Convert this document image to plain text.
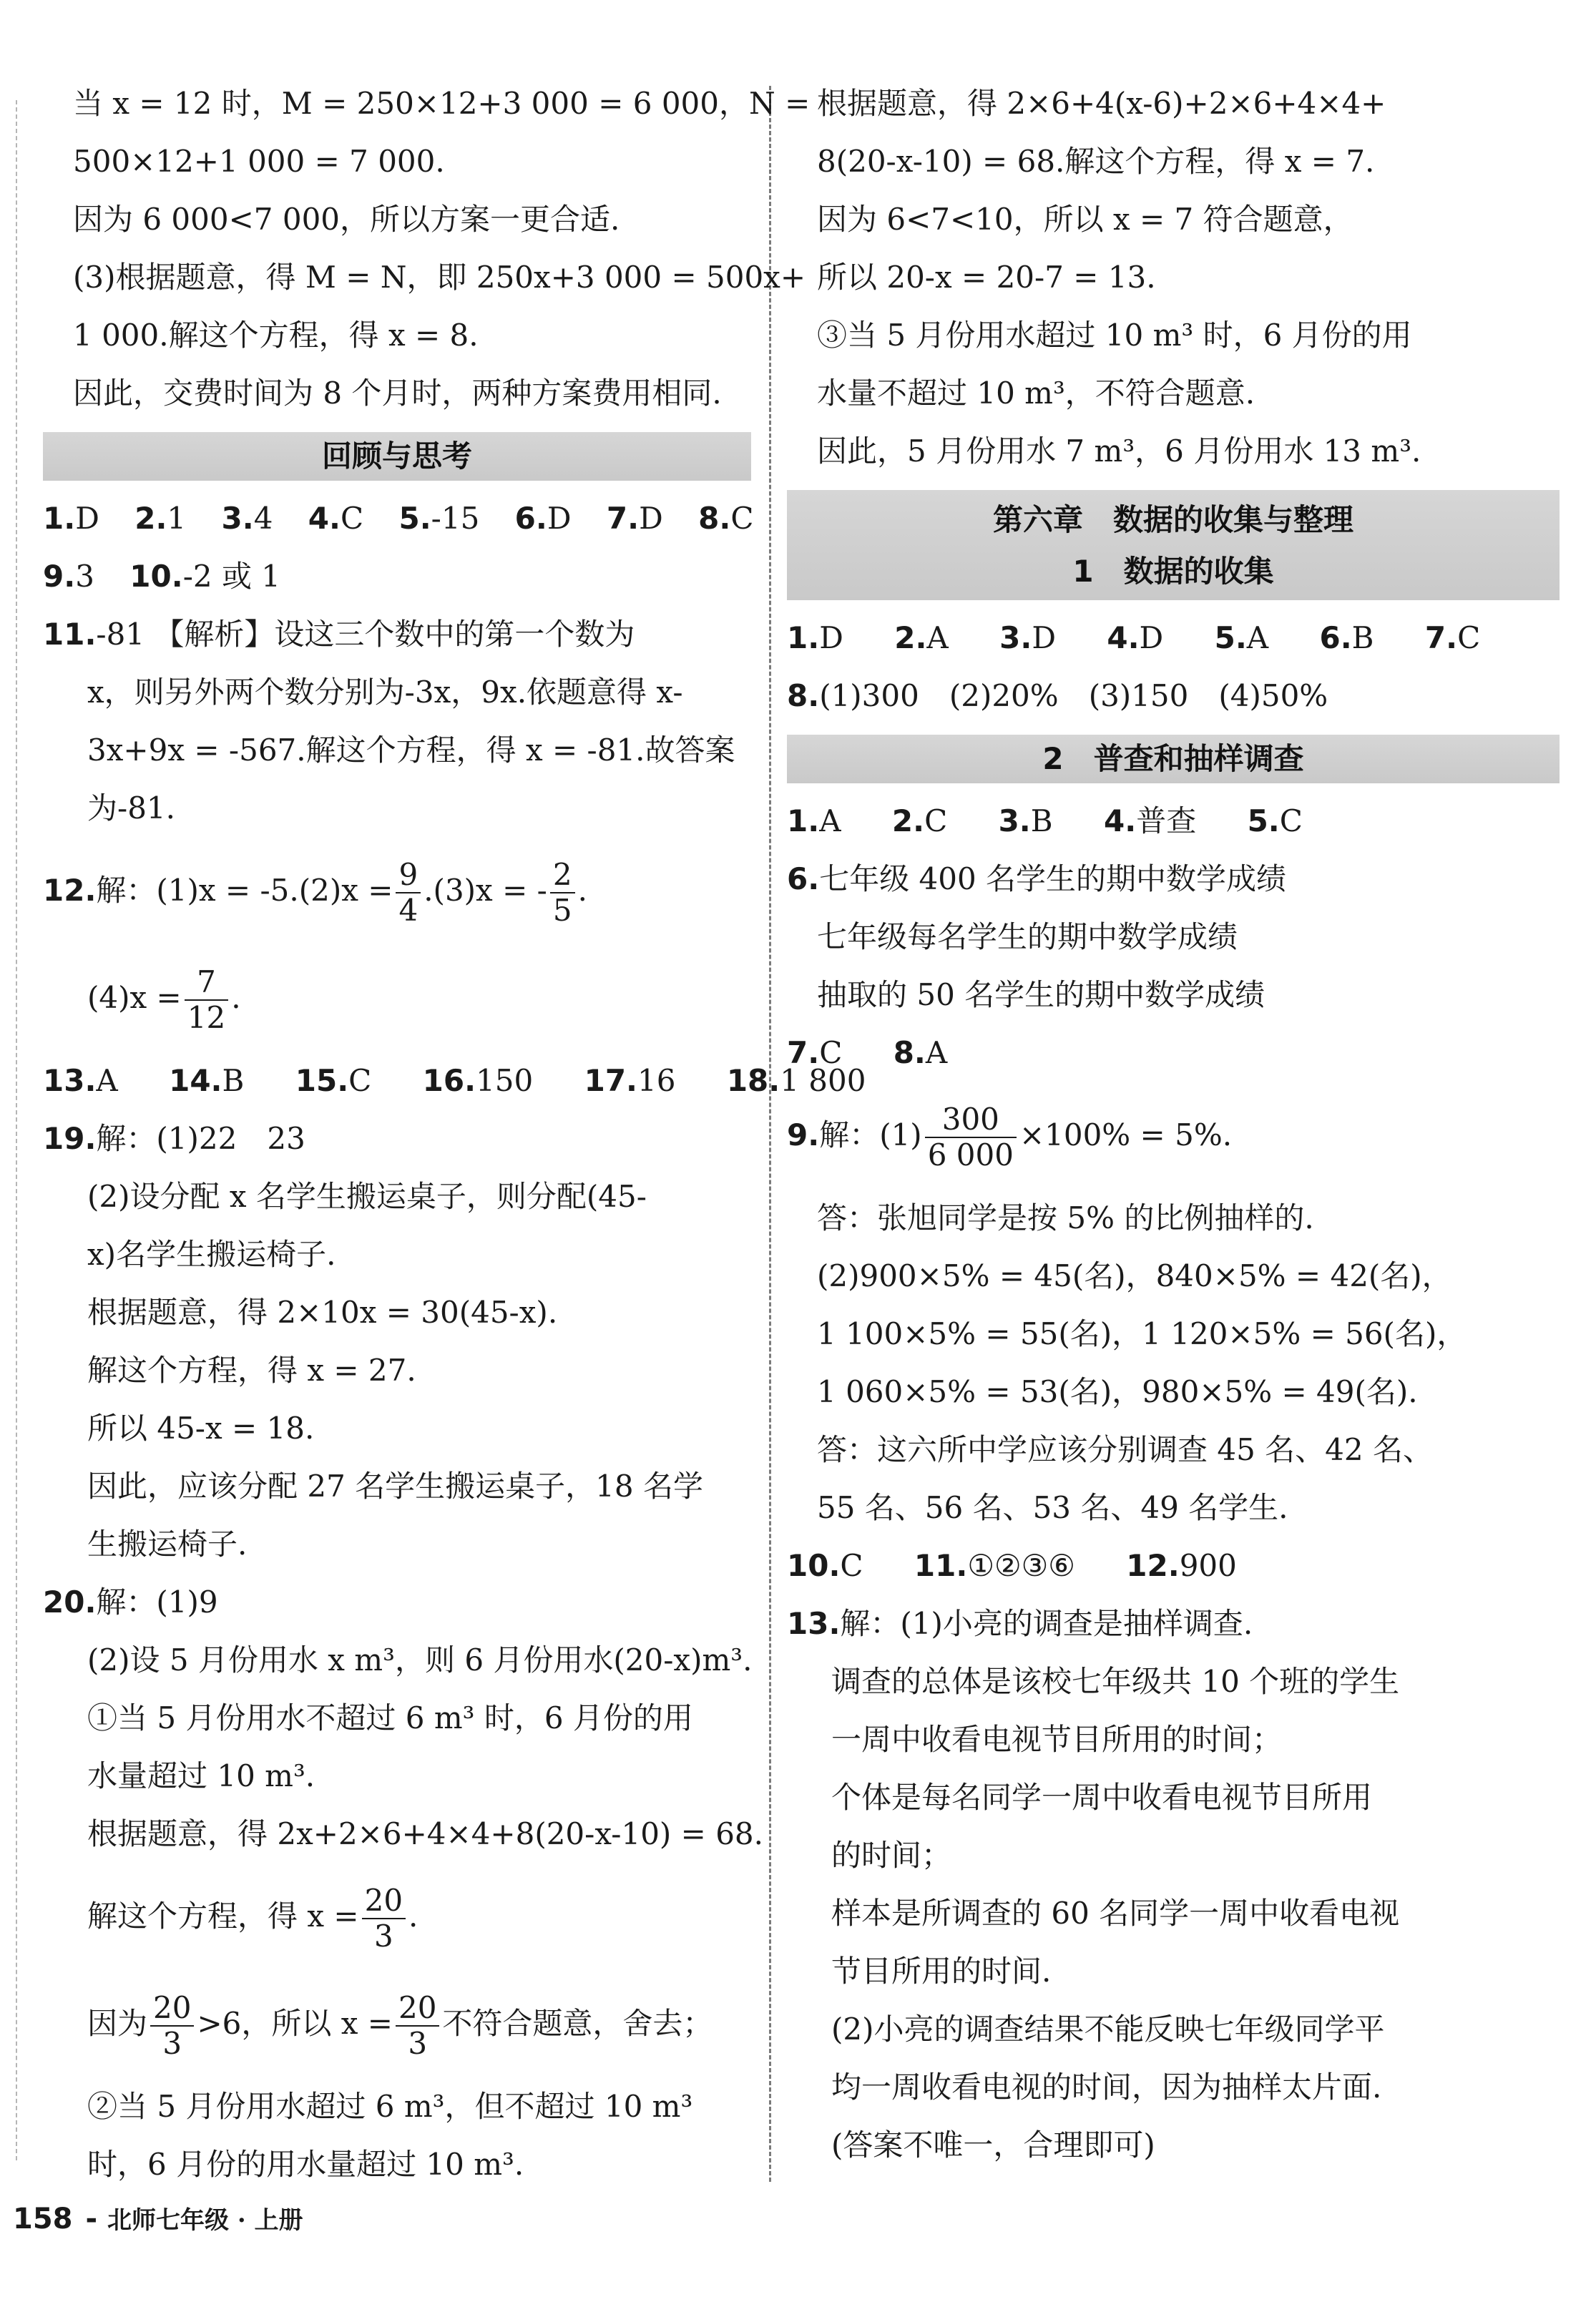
当 x = 12 时，M = 250×12+3 000 = 6 000，N =
500×12+1 000 = 7 000.
因为 6 000<7 000，所以方案一更合适.
(3)根据题意，得 M = N，即 250x+3 000 = 500x+
1 000.解这个方程，得 x = 8.
因此，交费时间为 8 个月时，两种方案费用相同.
回顾与思考
1.D 2.1 3.4 4.C 5.-15 6.D 7.D 8.C
9.3 10.-2 或 1
11.-81 【解析】设这三个数中的第一个数为
x，则另外两个数分别为-3x，9x.依题意得 x-
3x+9x = -567.解这个方程，得 x = -81.故答案
为-81.
12.解：$(1)x = -5.(2)x = \frac{9}{4} .(3)x$ = - $\frac{2}{5}$ .
$(4)x = \frac{7}{12}$ .
13.A 14.B 15.C 16.150 17.16 18.1 800
19.解：(1)22　23
(2)设分配 x 名学生搬运桌子，则分配(45-
x)名学生搬运椅子.
根据题意，得 2×10x = 30(45-x).
解这个方程，得 x = 27.
所以 45-x = 18.
因此，应该分配 27 名学生搬运桌子，18 名学
生搬运椅子.
20.解：(1)9
(2)设 5 月份用水 x m³，则 6 月份用水(20-x)m³.
①当 5 月份用水不超过 6 m³ 时，6 月份的用
水量超过 10 m³.
根据题意，得 2x+2×6+4×4+8(20-x-10) = 68.
解这个方程，得 $x = \frac{20}{3}$ .
因为 $\frac{20}{3} >6$，所以 $x = \frac{20}{3}$ 不符合题意，舍去；
②当 5 月份用水超过 6 m³，但不超过 10 m³
时，6 月份的用水量超过 10 m³.
根据题意，得 2×6+4(x-6)+2×6+4×4+
8(20-x-10) = 68.解这个方程，得 x = 7.
因为 6<7<10，所以 x = 7 符合题意，
所以 20-x = 20-7 = 13.
③当 5 月份用水超过 10 m³ 时，6 月份的用
水量不超过 10 m³，不符合题意.
因此，5 月份用水 7 m³，6 月份用水 13 m³.
第六章　数据的收集与整理
1　数据的收集
1.D 2.A 3.D 4.D 5.A 6.B 7.C
8.(1)300　(2)20%　(3)150　(4)50%
2　普查和抽样调查
1.A 2.C 3.B 4.普查 5.C
6.七年级 400 名学生的期中数学成绩
七年级每名学生的期中数学成绩
抽取的 50 名学生的期中数学成绩
7.C 8.A
9.解：$(1) \frac{300}{6 000} \times 100\% = 5\%$.
答：张旭同学是按 5% 的比例抽样的.
(2)900×5% = 45(名)，840×5% = 42(名)，
1 100×5% = 55(名)，1 120×5% = 56(名)，
1 060×5% = 53(名)，980×5% = 49(名).
答：这六所中学应该分别调查 45 名、42 名、
55 名、56 名、53 名、49 名学生.
10.C 11.①②③⑥ 12.900
13.解：(1)小亮的调查是抽样调查.
调查的总体是该校七年级共 10 个班的学生
一周中收看电视节目所用的时间；
个体是每名同学一周中收看电视节目所用
的时间；
样本是所调查的 60 名同学一周中收看电视
节目所用的时间.
(2)小亮的调查结果不能反映七年级同学平
均一周收看电视的时间，因为抽样太片面.
(答案不唯一，合理即可)
158 - 北师七年级 · 上册
